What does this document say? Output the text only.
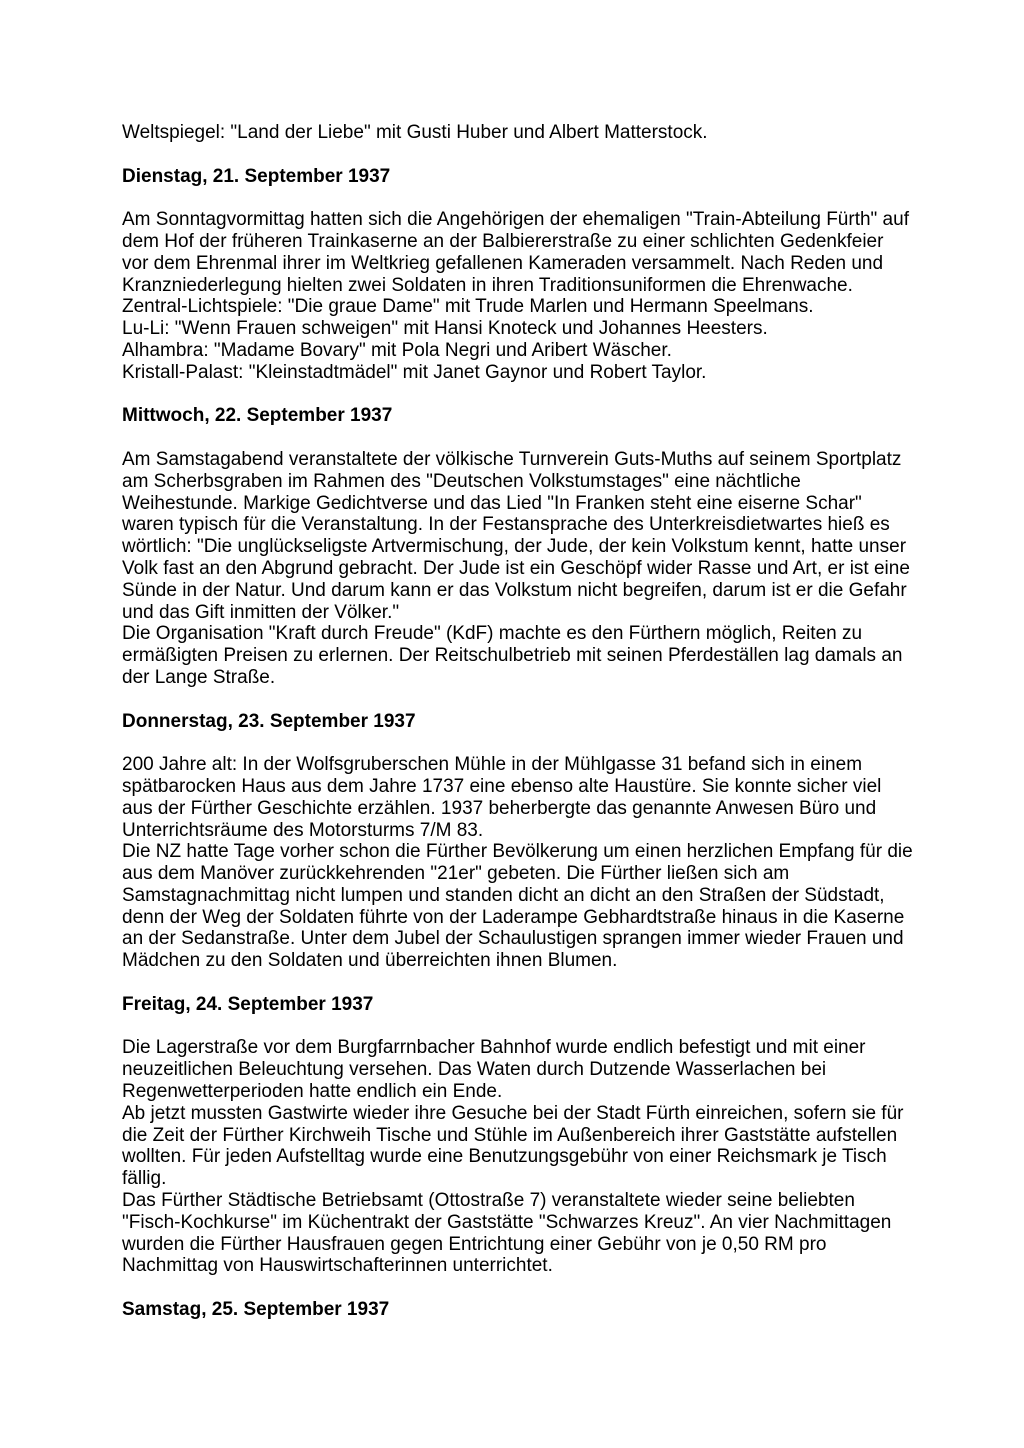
Weltspiegel: "Land der Liebe" mit Gusti Huber und Albert Matterstock.

Dienstag, 21. September 1937

Am Sonntagvormittag hatten sich die Angehörigen der ehemaligen "Train-Abteilung Fürth" auf dem Hof der früheren Trainkaserne an der Balbiererstraße zu einer schlichten Gedenkfeier vor dem Ehrenmal ihrer im Weltkrieg gefallenen Kameraden versammelt. Nach Reden und Kranzniederlegung hielten zwei Soldaten in ihren Traditionsuniformen die Ehrenwache.
Zentral-Lichtspiele: "Die graue Dame" mit Trude Marlen und Hermann Speelmans.
Lu-Li: "Wenn Frauen schweigen" mit Hansi Knoteck und Johannes Heesters.
Alhambra: "Madame Bovary" mit Pola Negri und Aribert Wäscher.
Kristall-Palast: "Kleinstadtmädel" mit Janet Gaynor und Robert Taylor.

Mittwoch, 22. September 1937

Am Samstagabend veranstaltete der völkische Turnverein Guts-Muths auf seinem Sportplatz am Scherbsgraben im Rahmen des "Deutschen Volkstumstages" eine nächtliche Weihestunde. Markige Gedichtverse und das Lied "In Franken steht eine eiserne Schar" waren typisch für die Veranstaltung. In der Festansprache des Unterkreisdietwartes hieß es wörtlich: "Die unglückseligste Artvermischung, der Jude, der kein Volkstum kennt, hatte unser Volk fast an den Abgrund gebracht. Der Jude ist ein Geschöpf wider Rasse und Art, er ist eine Sünde in der Natur. Und darum kann er das Volkstum nicht begreifen, darum ist er die Gefahr und das Gift inmitten der Völker."
Die Organisation "Kraft durch Freude" (KdF) machte es den Fürthern möglich, Reiten zu ermäßigten Preisen zu erlernen. Der Reitschulbetrieb mit seinen Pferdeställen lag damals an der Lange Straße.

Donnerstag, 23. September 1937

200 Jahre alt: In der Wolfsgruberschen Mühle in der Mühlgasse 31 befand sich in einem spätbarocken Haus aus dem Jahre 1737 eine ebenso alte Haustüre. Sie konnte sicher viel aus der Fürther Geschichte erzählen. 1937 beherbergte das genannte Anwesen Büro und Unterrichtsräume des Motorsturms 7/M 83.
Die NZ hatte Tage vorher schon die Fürther Bevölkerung um einen herzlichen Empfang für die aus dem Manöver zurückkehrenden "21er" gebeten. Die Fürther ließen sich am Samstagnachmittag nicht lumpen und standen dicht an dicht an den Straßen der Südstadt, denn der Weg der Soldaten führte von der Laderampe Gebhardtstraße hinaus in die Kaserne an der Sedanstraße. Unter dem Jubel der Schaulustigen sprangen immer wieder Frauen und Mädchen zu den Soldaten und überreichten ihnen Blumen.

Freitag, 24. September 1937

Die Lagerstraße vor dem Burgfarrnbacher Bahnhof wurde endlich befestigt und mit einer neuzeitlichen Beleuchtung versehen. Das Waten durch Dutzende Wasserlachen bei Regenwetterperioden hatte endlich ein Ende.
Ab jetzt mussten Gastwirte wieder ihre Gesuche bei der Stadt Fürth einreichen, sofern sie für die Zeit der Fürther Kirchweih Tische und Stühle im Außenbereich ihrer Gaststätte aufstellen wollten. Für jeden Aufstelltag wurde eine Benutzungsgebühr von einer Reichsmark je Tisch fällig.
Das Fürther Städtische Betriebsamt (Ottostraße 7) veranstaltete wieder seine beliebten "Fisch-Kochkurse" im Küchentrakt der Gaststätte "Schwarzes Kreuz". An vier Nachmittagen wurden die Fürther Hausfrauen gegen Entrichtung einer Gebühr von je 0,50 RM pro Nachmittag von Hauswirtschafterinnen unterrichtet.

Samstag, 25. September 1937
